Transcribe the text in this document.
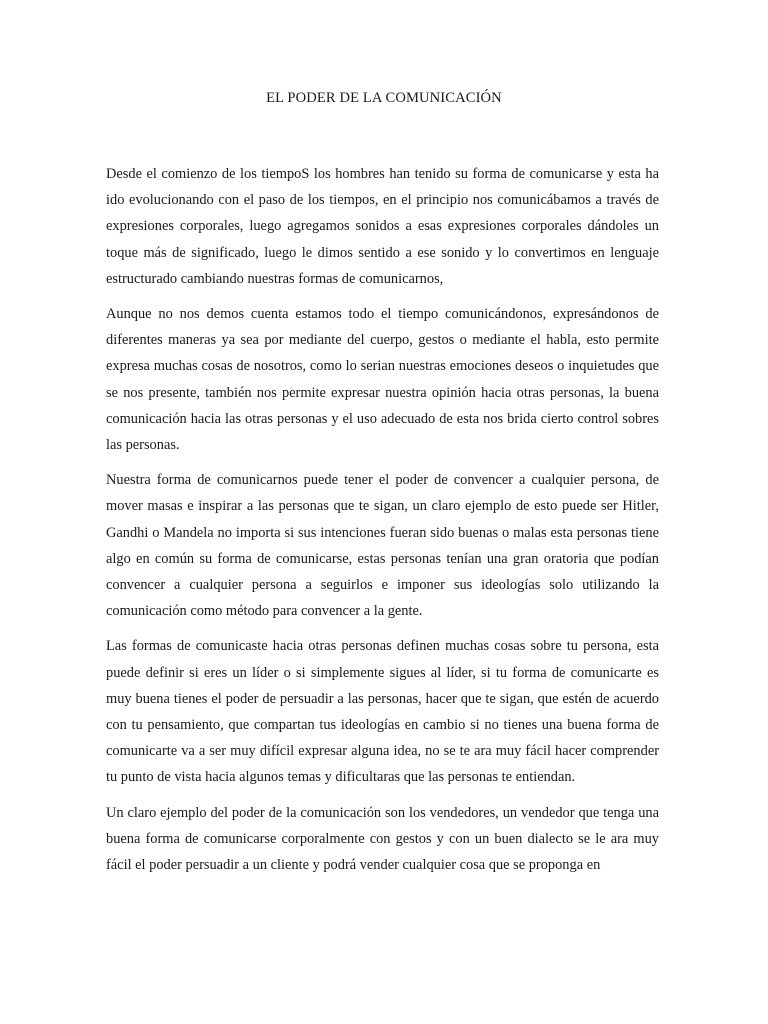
EL PODER DE LA COMUNICACIÓN

Desde el comienzo de los tiempoS los hombres han tenido su forma de comunicarse y esta ha ido evolucionando con el paso de los tiempos, en el principio nos comunicábamos a través de expresiones corporales, luego agregamos sonidos a esas expresiones corporales dándoles un toque más de significado, luego le dimos sentido a ese sonido y lo convertimos en lenguaje estructurado cambiando nuestras formas de comunicarnos,

Aunque no nos demos cuenta estamos todo el tiempo comunicándonos, expresándonos de diferentes maneras ya sea por mediante del cuerpo, gestos o mediante el habla, esto permite expresa muchas cosas de nosotros, como lo serian nuestras emociones deseos o inquietudes que se nos presente, también nos permite expresar nuestra opinión hacia otras personas, la buena comunicación hacia las otras personas y el uso adecuado de esta nos brida cierto control sobres las personas.

Nuestra forma de comunicarnos puede tener el poder de convencer a cualquier persona, de mover masas e inspirar a las personas que te sigan, un claro ejemplo de esto puede ser Hitler, Gandhi o Mandela no importa si sus intenciones fueran sido buenas o malas esta personas tiene algo en común su forma de comunicarse, estas personas tenían una gran oratoria que podían convencer a cualquier persona a seguirlos e imponer sus ideologías solo utilizando la comunicación como método para convencer a la gente.

Las formas de comunicaste hacia otras personas definen muchas cosas sobre tu persona, esta puede definir si eres un líder o si simplemente sigues al líder, si tu forma de comunicarte es muy buena tienes el poder de persuadir a las personas, hacer que te sigan, que estén de acuerdo con tu pensamiento, que compartan tus ideologías en cambio si no tienes una buena forma de comunicarte va a ser muy difícil expresar alguna idea, no se te ara muy fácil hacer comprender tu punto de vista hacia algunos temas y dificultaras que las personas te entiendan.

Un claro ejemplo del poder de la comunicación son los vendedores, un vendedor que tenga una buena forma de comunicarse corporalmente con gestos y con un buen dialecto se le ara muy fácil el poder persuadir a un cliente y podrá vender cualquier cosa que se proponga en
